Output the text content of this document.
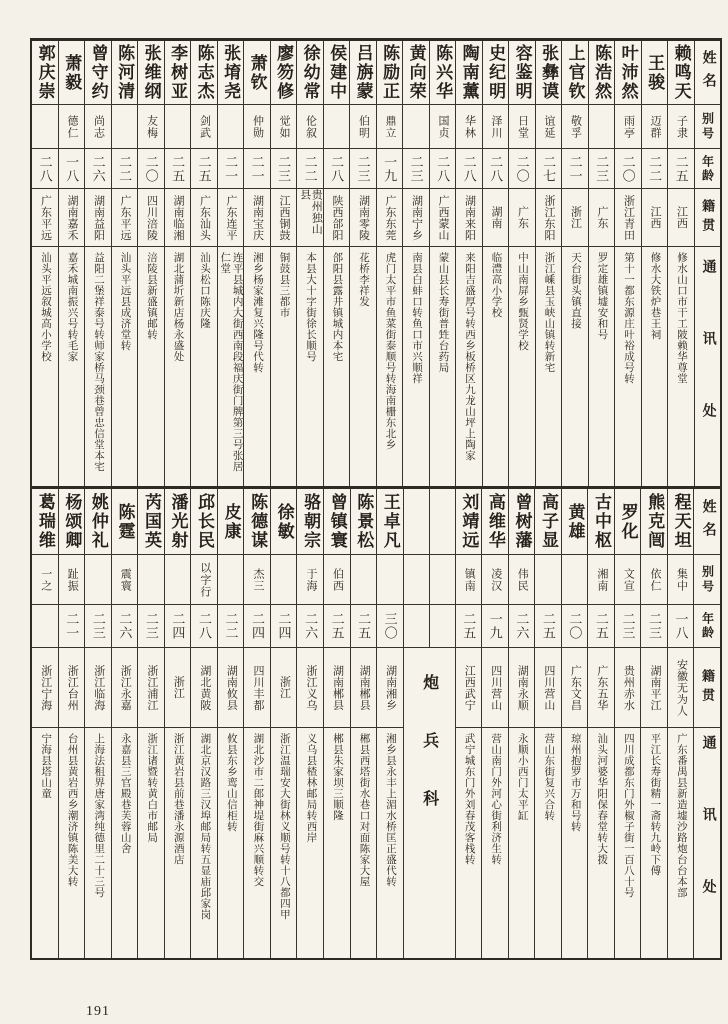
姓名
别号
年龄
籍贯
通讯处
赖鸣天
子隶
二五
江西
修水山口市干工陂赖华尊堂
王骏
迈群
二二
江西
修水大铁炉巷王祠
叶沛然
雨亭
二〇
浙江青田
第十一都东源庄叶裕成号转
陈浩然
二三
广东
罗定雄镇墟安和号
上官钦
敬孚
二一
浙江
天台街头镇直接
张彝谟
谊延
二七
浙江东阳
浙江嵊县玉峡山镇转新宅
容鉴明
日堂
二〇
广东
中山南屏乡甄贤学校
史纪明
泽川
二八
湖南
临澧高小学校
陶南薰
华林
二八
湖南来阳
来阳吉盛厚号转西乡板桥区九龙山坪上陶家
陈兴华
国贞
二八
广西蒙山
蒙山县长寿街普甡台药局
黄向荣
二三
湖南宁乡
南县白蚌口转鱼口市兴顺祥
陈励正
鼎立
一九
广东东莞
虎门太平市鱼菜街泰顺号转海南栅东北乡
吕旃蒙
伯明
二三
湖南零陵
花桥李祥发
侯建中
二八
陕西郃阳
郃阳县露井镇城内本宅
徐幼常
伦叙
二二
贵州独山县
本县大十字街徐长顺号
廖笏修
觉如
二三
江西铜鼓
铜鼓县三都市
萧钦
仲勋
二一
湖南宝庆
湘乡杨家滩复兴隆号代转
张堉尧
二一
广东连平
连平县城内大街西南段福庆街门牌第三号张居仁堂
陈志杰
剑武
二五
广东汕头
汕头松口陈庆隆
李树亚
二五
湖南临湘
湖北蒲圻新店杨永盛处
张维纲
友梅
二〇
四川涪陵
涪陵县新盛镇邮转
陈河清
二二
广东平远
汕头平远县成济堂转
曾守约
尚志
二六
湖南益阳
益阳二堡祥泰号转师家桥马颈巷曾忠信堂本宅
萧毅
德仁
一八
湖南嘉禾
嘉禾城南振兴号转毛家
郭庆崇
二八
广东平远
汕头平远叙城高小学校
姓名
别号
年龄
籍贯
通讯处
程天坦
集中
一八
安徽无为人
广东番禺县新造墟沙路炮台台本部
熊克闿
依仁
二三
湖南平江
平江长寿街精一斋转九岭下傅
罗化
文宣
二三
贵州赤水
四川成都东门外椒子街一百八十号
古中枢
湘南
二五
广东五华
汕头河婆华阳保春堂转大拨
黄雄
二〇
广东文昌
琼州抱罗市万和号转
高子显
二五
四川营山
营山东街复兴合转
曾树藩
伟民
二六
湖南永顺
永顺小西门太平缸
高维华
凌汉
一九
四川营山
营山南门外河心街利济生转
刘靖远
镇南
二五
江西武宁
武宁城东门外刘春茂客栈转
炮兵科
王卓凡
三〇
湖南湘乡
湘乡县永丰上湄水桥匡正盛代转
陈景松
二五
湖南郴县
郴县西塔街水巷口对面陈家大屋
曾镇寰
伯西
二五
湖南郴县
郴县朱家坝三顺隆
骆朝宗
于海
二六
浙江义乌
义乌县楂林邮局转西岸
徐敏
二四
浙江
浙江温瑞安大街林义顺号转十八都四甲
陈德谋
杰三
二四
四川丰都
湖北沙市二郎神堤街麻兴顺转交
皮康
二二
湖南攸县
攸县东乡鸾山信柜转
邱长民
以字行
二八
湖北黄陂
湖北京汉路三汉埠邮局转五显庙邱家岗
潘光射
二四
浙江
浙江黄岩县前巷潘永源酒店
芮国英
二三
浙江浦江
浙江诸暨转黄白市邮局
陈霆
震寰
二六
浙江永嘉
永嘉县三官殿巷芙蓉山舍
姚仲礼
二三
浙江临海
上海法租界唐家湾纯德里二十三号
杨颂卿
趾振
二一
浙江台州
台州县黄岩西乡潮济镇陈美大转
葛瑞维
一之
浙江宁海
宁海县塔山童
191
